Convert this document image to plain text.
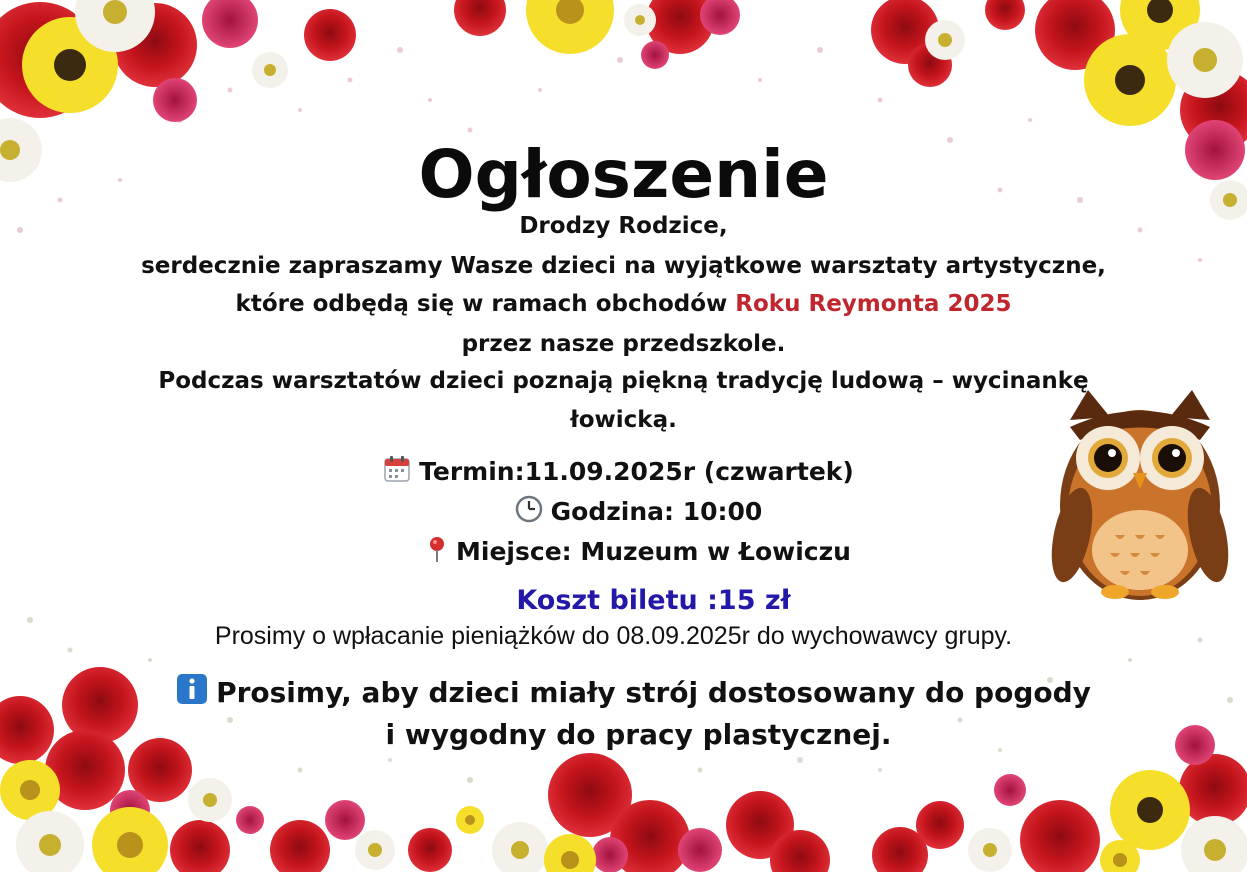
Ogłoszenie
Drodzy Rodzice,
serdecznie zapraszamy Wasze dzieci na wyjątkowe warsztaty artystyczne,
które odbędą się w ramach obchodów Roku Reymonta 2025
przez nasze przedszkole.
Podczas warsztatów dzieci poznają piękną tradycję ludową – wycinankę
łowicką.
Termin:11.09.2025r (czwartek)
Godzina: 10:00
Miejsce: Muzeum w Łowiczu
Koszt biletu :15 zł
Prosimy o wpłacanie pieniążków do 08.09.2025r do wychowawcy grupy.
Prosimy, aby dzieci miały strój dostosowany do pogody
i wygodny do pracy plastycznej.
